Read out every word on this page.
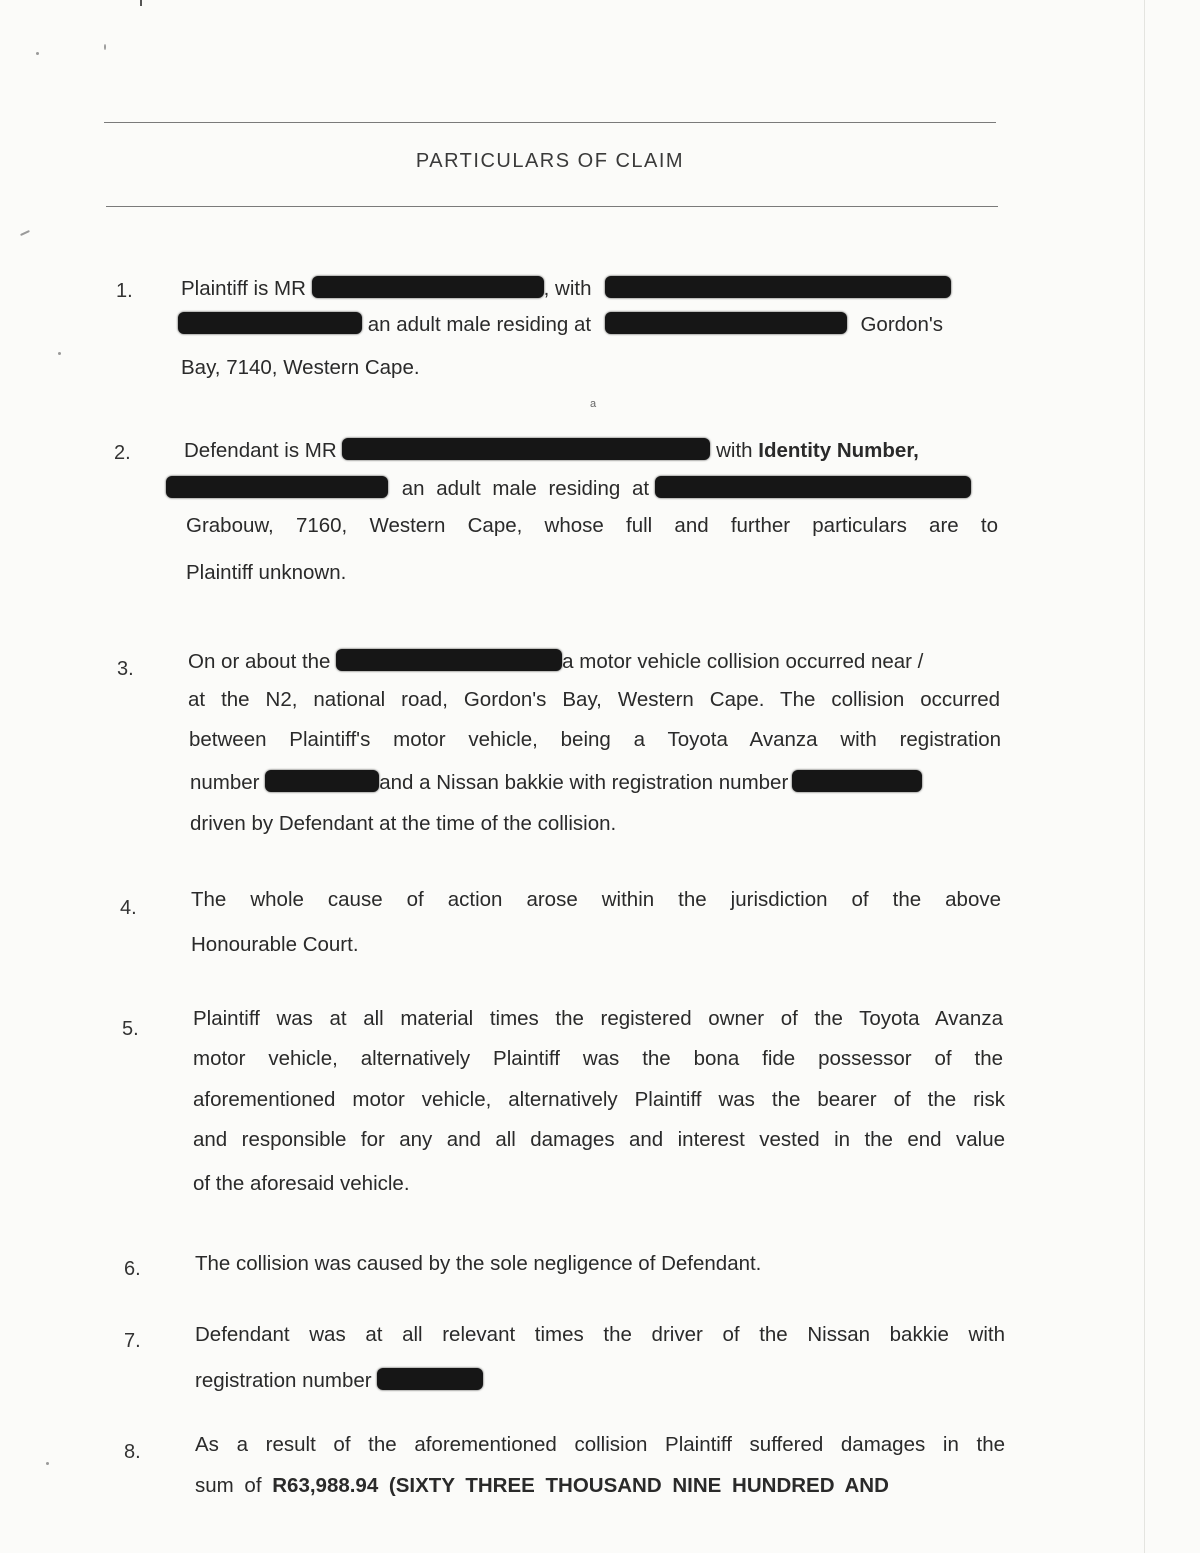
PARTICULARS OF CLAIM
1. Plaintiff is MR	, with
an adult male residing at	Gordon's
Bay, 7140, Western Cape.
a
2.	Defendant is MR	with Identity Number,
an adult male residing at
Grabouw, 7160, Western Cape, whose full and further particulars are to
Plaintiff unknown.
3.	On or about the	a motor vehicle collision occurred near /
at the N2, national road, Gordon's Bay, Western Cape. The collision occurred
between Plaintiff's motor vehicle, being a Toyota Avanza with registration
number	and a Nissan bakkie with registration number
driven by Defendant at the time of the collision.
4.	The whole cause of action arose within the jurisdiction of the above
Honourable Court.
5.	Plaintiff was at all material times the registered owner of the Toyota Avanza
motor vehicle, alternatively Plaintiff was the bona fide possessor of the
aforementioned motor vehicle, alternatively Plaintiff was the bearer of the risk
and responsible for any and all damages and interest vested in the end value
of the aforesaid vehicle.
6.	The collision was caused by the sole negligence of Defendant.
7.	Defendant was at all relevant times the driver of the Nissan bakkie with
registration number
8.	As a result of the aforementioned collision Plaintiff suffered damages in the
sum of R63,988.94 (SIXTY THREE THOUSAND NINE HUNDRED AND
